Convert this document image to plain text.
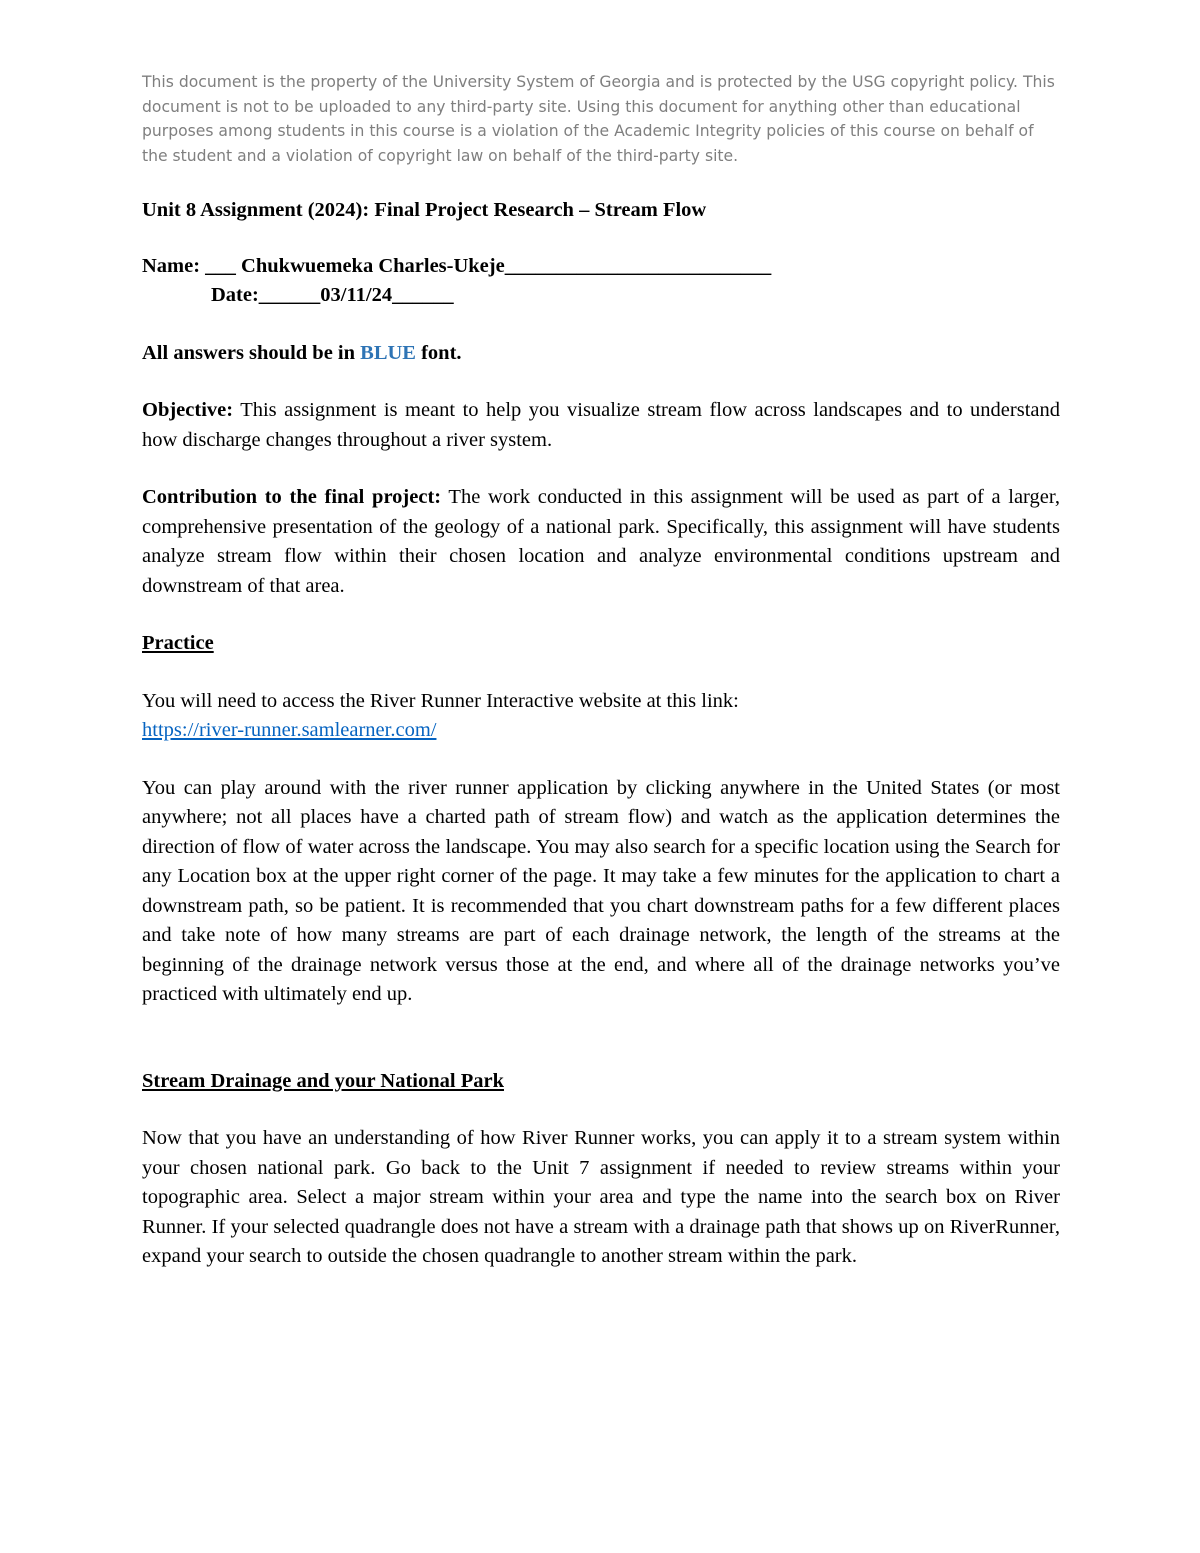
This document is the property of the University System of Georgia and is protected by the USG copyright policy. This document is not to be uploaded to any third-party site. Using this document for anything other than educational purposes among students in this course is a violation of the Academic Integrity policies of this course on behalf of the student and a violation of copyright law on behalf of the third-party site.

Unit 8 Assignment (2024): Final Project Research – Stream Flow

Name: ___ Chukwuemeka Charles-Ukeje__________________________

Date:______03/11/24______

All answers should be in BLUE font.

Objective: This assignment is meant to help you visualize stream flow across landscapes and to understand how discharge changes throughout a river system.

Contribution to the final project: The work conducted in this assignment will be used as part of a larger, comprehensive presentation of the geology of a national park. Specifically, this assignment will have students analyze stream flow within their chosen location and analyze environmental conditions upstream and downstream of that area.

Practice

You will need to access the River Runner Interactive website at this link:
https://river-runner.samlearner.com/

You can play around with the river runner application by clicking anywhere in the United States (or most anywhere; not all places have a charted path of stream flow) and watch as the application determines the direction of flow of water across the landscape. You may also search for a specific location using the Search for any Location box at the upper right corner of the page. It may take a few minutes for the application to chart a downstream path, so be patient. It is recommended that you chart downstream paths for a few different places and take note of how many streams are part of each drainage network, the length of the streams at the beginning of the drainage network versus those at the end, and where all of the drainage networks you’ve practiced with ultimately end up.

Stream Drainage and your National Park

Now that you have an understanding of how River Runner works, you can apply it to a stream system within your chosen national park. Go back to the Unit 7 assignment if needed to review streams within your topographic area. Select a major stream within your area and type the name into the search box on River Runner. If your selected quadrangle does not have a stream with a drainage path that shows up on RiverRunner, expand your search to outside the chosen quadrangle to another stream within the park.
